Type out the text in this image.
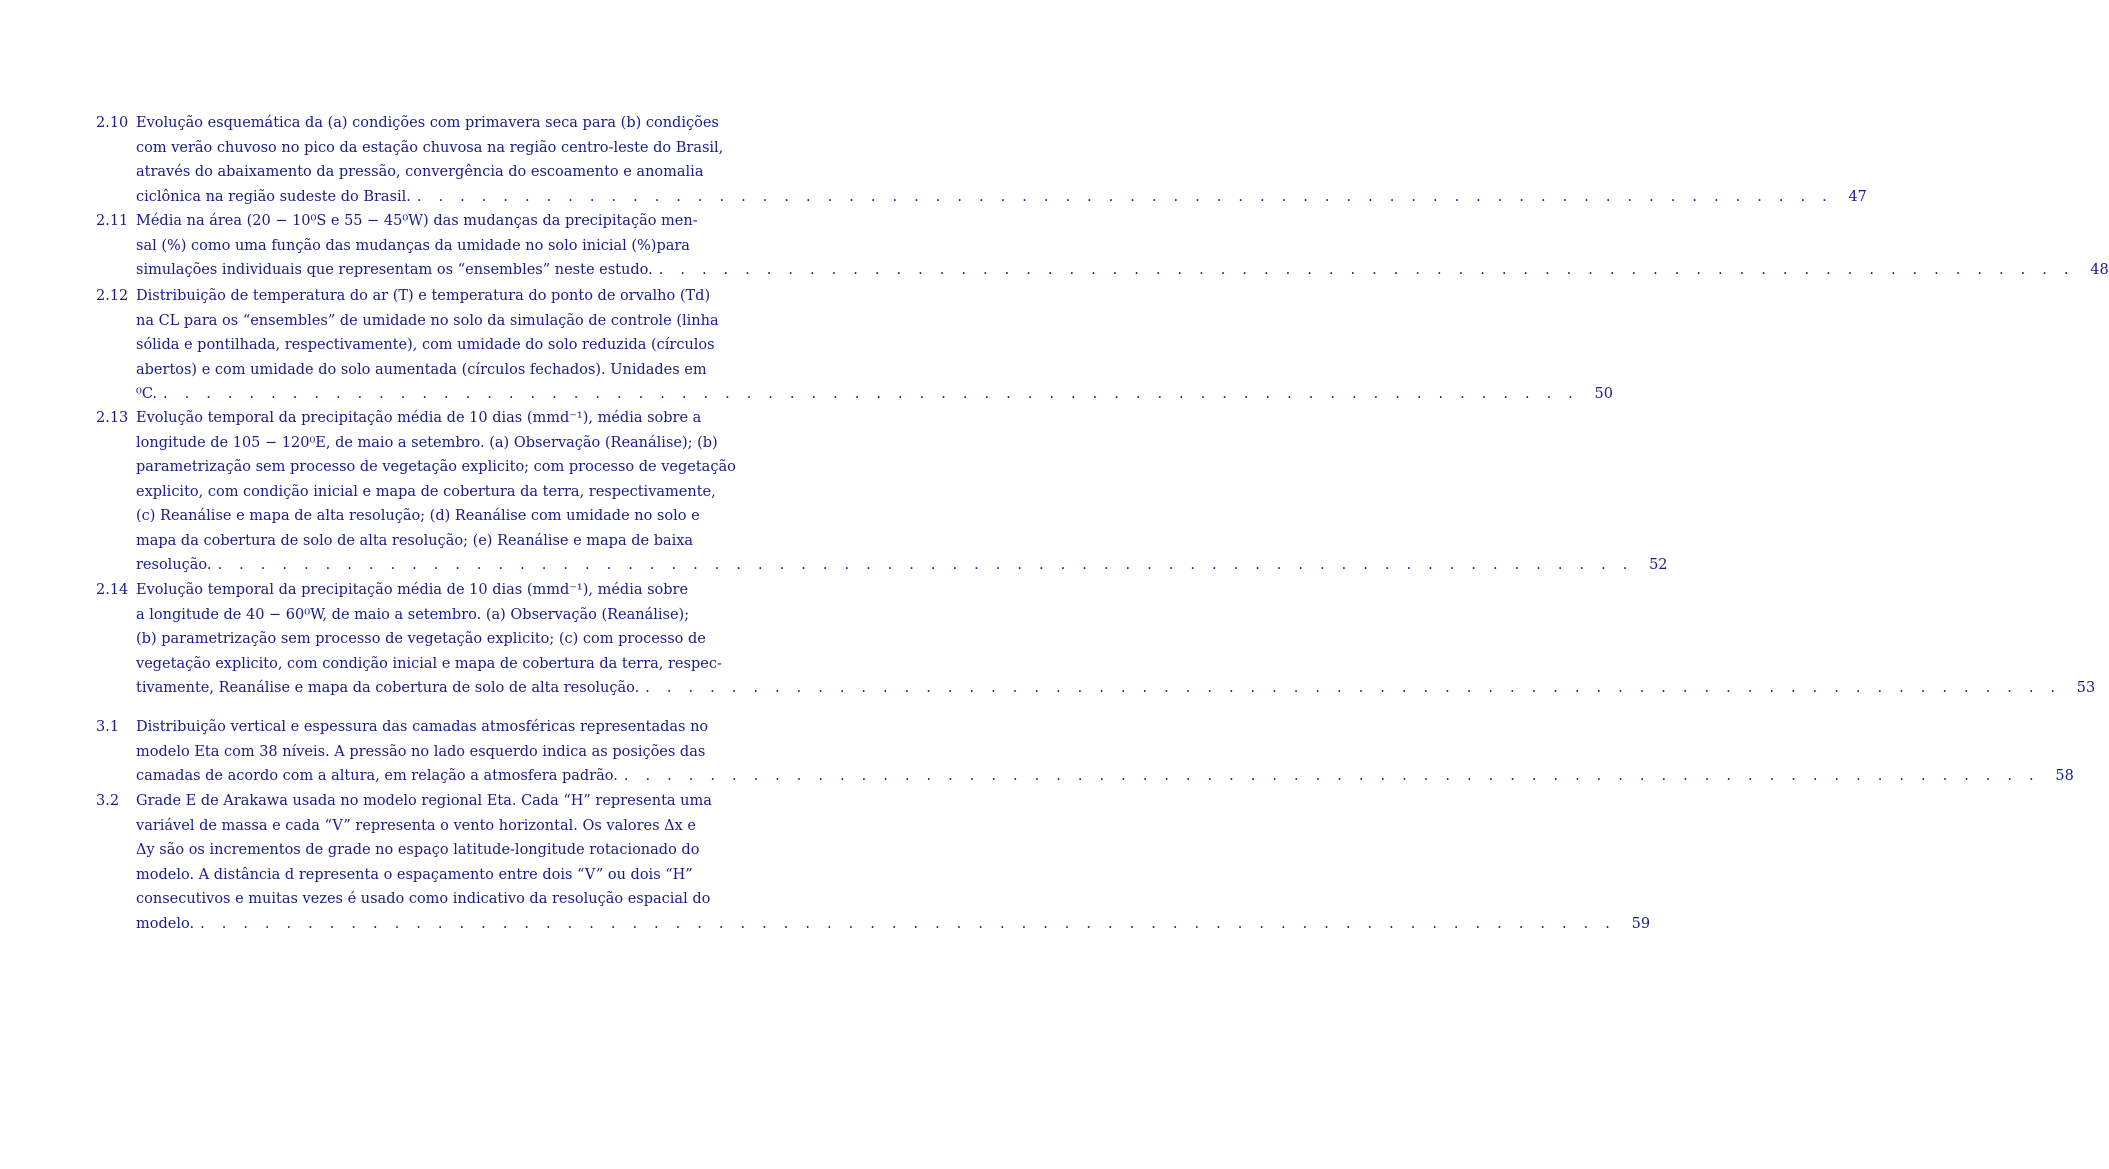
2.10 Evolução esquemática da (a) condições com primavera seca para (b) condições
com verão chuvoso no pico da estação chuvosa na região centro-leste do Brasil,
através do abaixamento da pressão, convergência do escoamento e anomalia
ciclônica na região sudeste do Brasil. . . . . . . . . . . . . . . . . . . . . . . . . . . . . . . . . . . . . . . . . . . . . . . . . . . . . . . . . . . . . . . . . . .	47
2.11 Média na área (20 − 10⁰S e 55 − 45⁰W) das mudanças da precipitação men-
sal (%) como uma função das mudanças da umidade no solo inicial (%)para
simulações individuais que representam os “ensembles” neste estudo. . . . . . . . . . . . . . . . . . . . . . . . . . . . . . . . . . . . . . . . . . . . . . . . . . . . . . . . . . . . . . . . . . .	48
2.12 Distribuição de temperatura do ar (T) e temperatura do ponto de orvalho (Td)
na CL para os “ensembles” de umidade no solo da simulação de controle (linha
sólida e pontilhada, respectivamente), com umidade do solo reduzida (círculos
abertos) e com umidade do solo aumentada (círculos fechados). Unidades em
⁰C. . . . . . . . . . . . . . . . . . . . . . . . . . . . . . . . . . . . . . . . . . . . . . . . . . . . . . . . . . . . . . . . . . .	50
2.13 Evolução temporal da precipitação média de 10 dias (mmd⁻¹), média sobre a
longitude de 105 − 120⁰E, de maio a setembro. (a) Observação (Reanálise); (b)
parametrização sem processo de vegetação explicito; com processo de vegetação
explicito, com condição inicial e mapa de cobertura da terra, respectivamente,
(c) Reanálise e mapa de alta resolução; (d) Reanálise com umidade no solo e
mapa da cobertura de solo de alta resolução; (e) Reanálise e mapa de baixa
resolução. . . . . . . . . . . . . . . . . . . . . . . . . . . . . . . . . . . . . . . . . . . . . . . . . . . . . . . . . . . . . . . . . . .	52
2.14 Evolução temporal da precipitação média de 10 dias (mmd⁻¹), média sobre
a longitude de 40 − 60⁰W, de maio a setembro. (a) Observação (Reanálise);
(b) parametrização sem processo de vegetação explicito; (c) com processo de
vegetação explicito, com condição inicial e mapa de cobertura da terra, respec-
tivamente, Reanálise e mapa da cobertura de solo de alta resolução. . . . . . . . . . . . . . . . . . . . . . . . . . . . . . . . . . . . . . . . . . . . . . . . . . . . . . . . . . . . . . . . . . .	53
3.1 Distribuição vertical e espessura das camadas atmosféricas representadas no
modelo Eta com 38 níveis. A pressão no lado esquerdo indica as posições das
camadas de acordo com a altura, em relação a atmosfera padrão. . . . . . . . . . . . . . . . . . . . . . . . . . . . . . . . . . . . . . . . . . . . . . . . . . . . . . . . . . . . . . . . . . .	58
3.2 Grade E de Arakawa usada no modelo regional Eta. Cada “H” representa uma
variável de massa e cada “V” representa o vento horizontal. Os valores Δx e
Δy são os incrementos de grade no espaço latitude-longitude rotacionado do
modelo. A distância d representa o espaçamento entre dois “V” ou dois “H”
consecutivos e muitas vezes é usado como indicativo da resolução espacial do
modelo. . . . . . . . . . . . . . . . . . . . . . . . . . . . . . . . . . . . . . . . . . . . . . . . . . . . . . . . . . . . . . . . . . .	59
